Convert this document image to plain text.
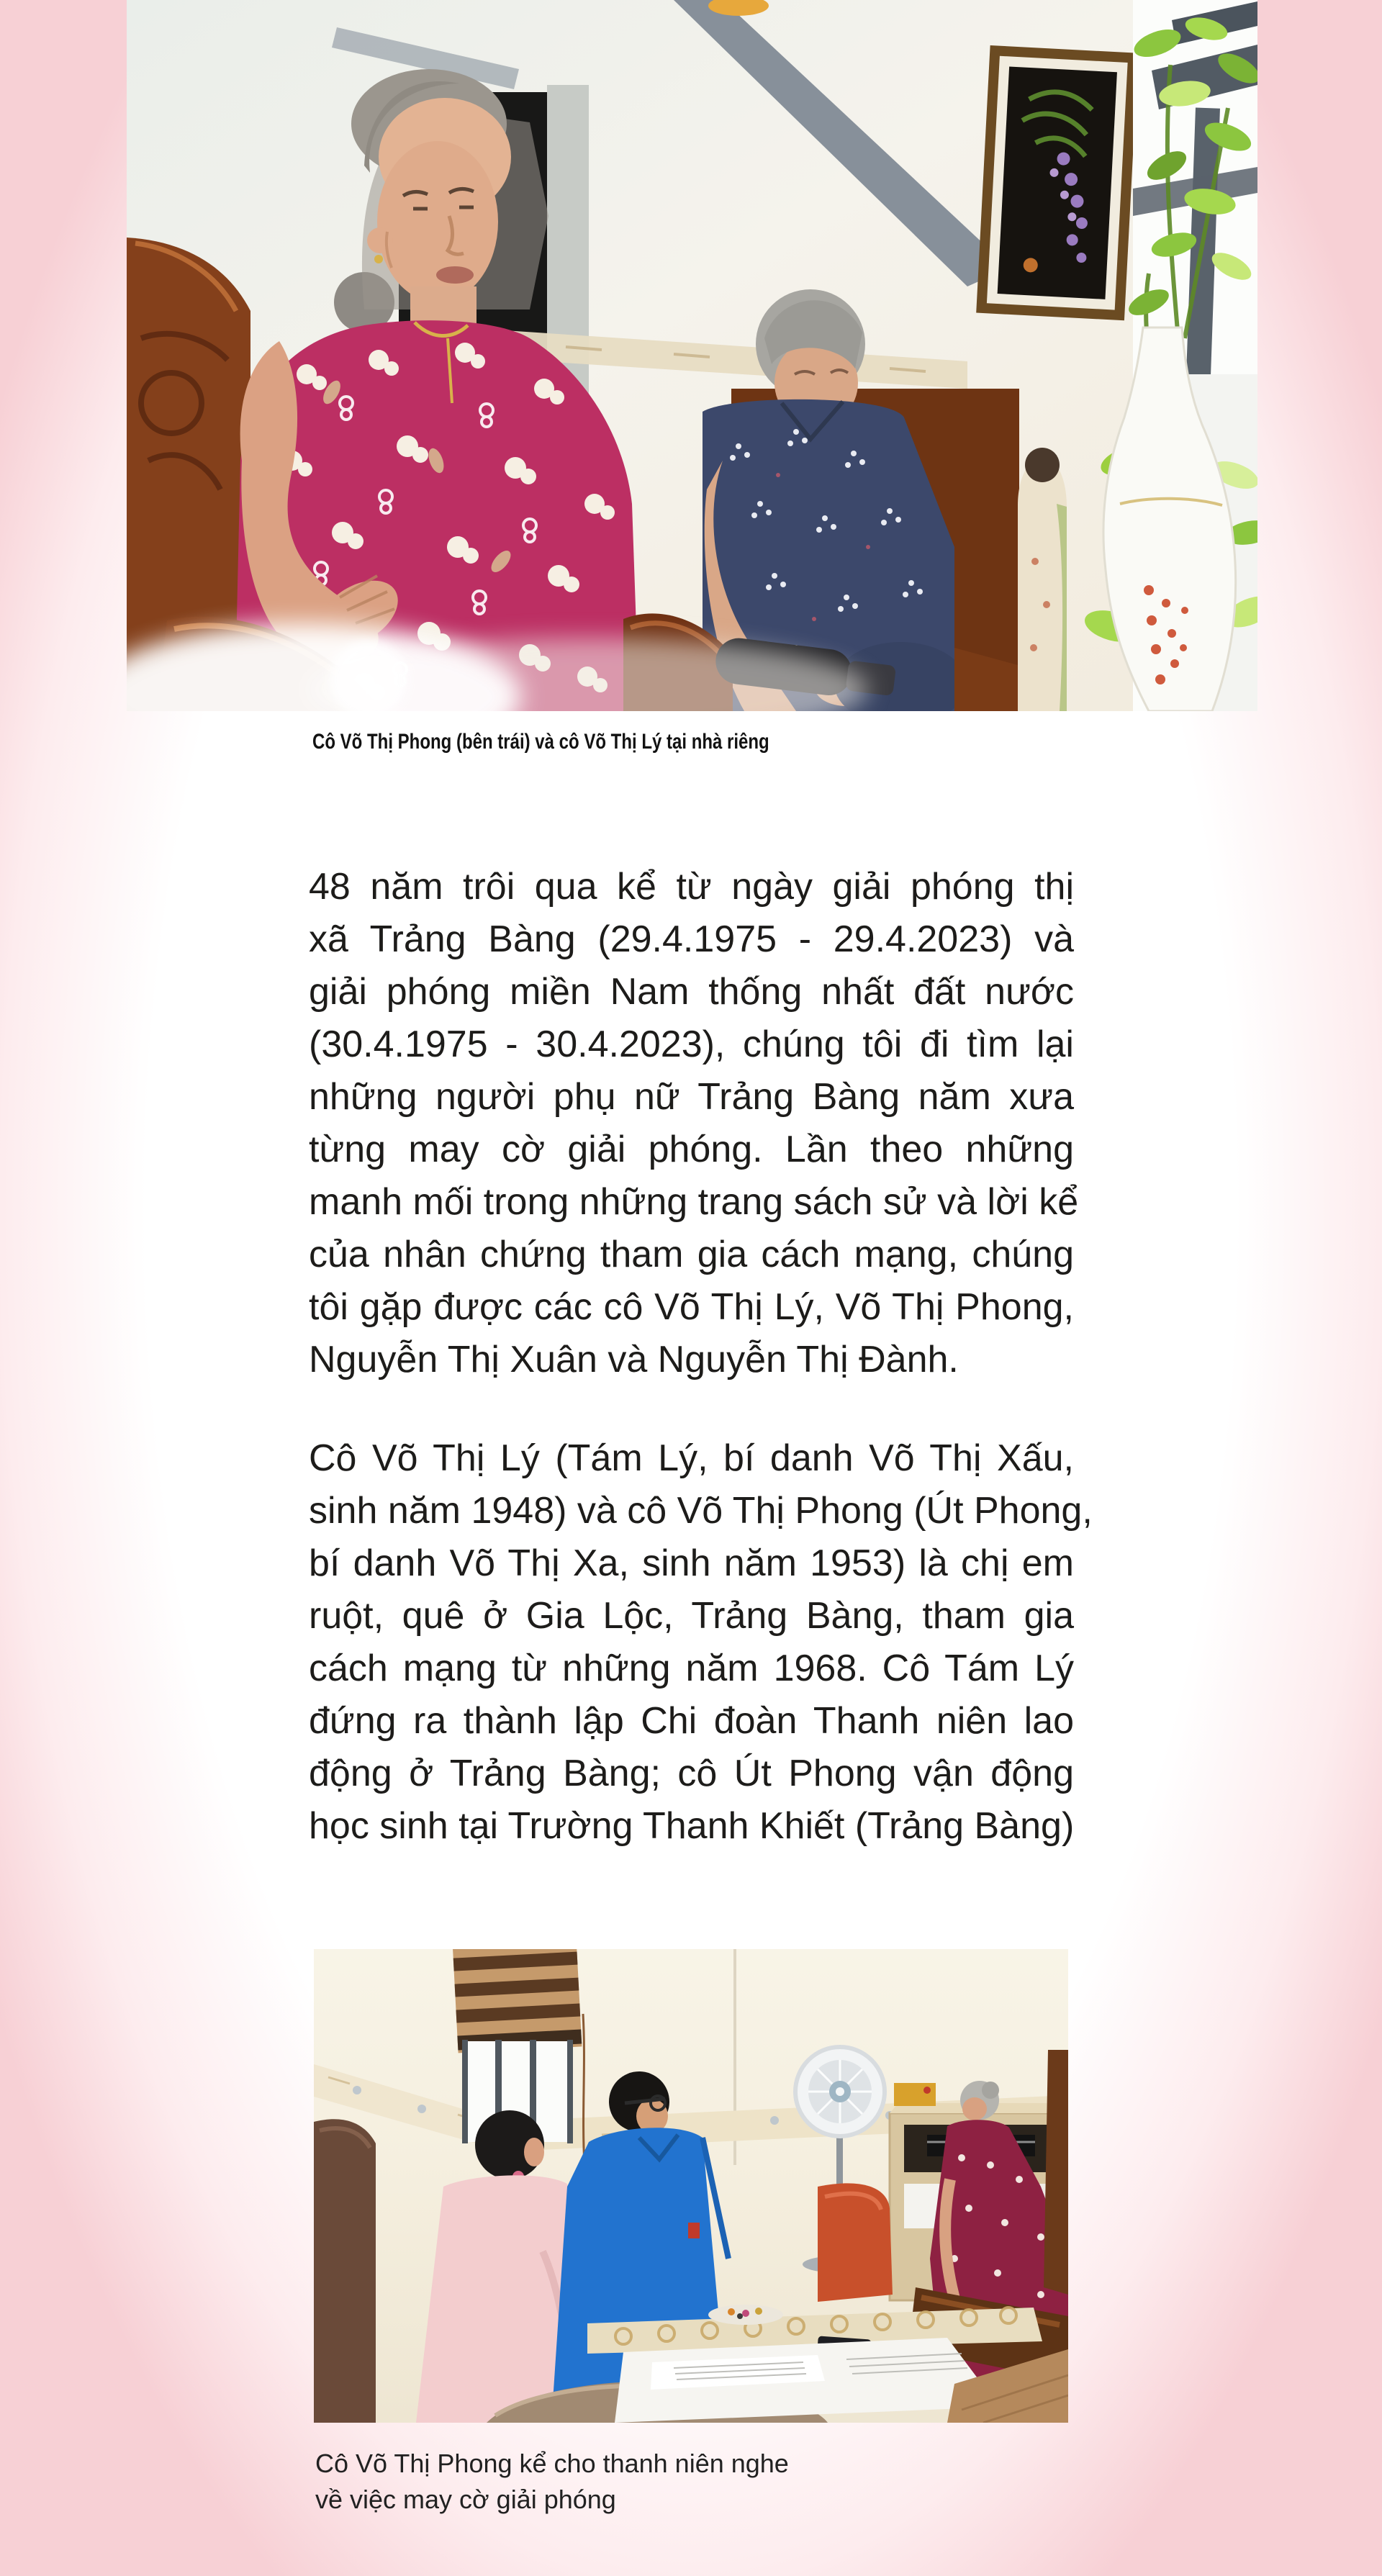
Cô Võ Thị Phong (bên trái) và cô Võ Thị Lý tại nhà riêng
48 năm trôi qua kể từ ngày giải phóng thị
xã Trảng Bàng (29.4.1975 - 29.4.2023) và
giải phóng miền Nam thống nhất đất nước
(30.4.1975 - 30.4.2023), chúng tôi đi tìm lại
những người phụ nữ Trảng Bàng năm xưa
từng may cờ giải phóng. Lần theo những
manh mối trong những trang sách sử và lời kể
của nhân chứng tham gia cách mạng, chúng
tôi gặp được các cô Võ Thị Lý, Võ Thị Phong,
Nguyễn Thị Xuân và Nguyễn Thị Đành.
Cô Võ Thị Lý (Tám Lý, bí danh Võ Thị Xấu,
sinh năm 1948) và cô Võ Thị Phong (Út Phong,
bí danh Võ Thị Xa, sinh năm 1953) là chị em
ruột, quê ở Gia Lộc, Trảng Bàng, tham gia
cách mạng từ những năm 1968. Cô Tám Lý
đứng ra thành lập Chi đoàn Thanh niên lao
động ở Trảng Bàng; cô Út Phong vận động
học sinh tại Trường Thanh Khiết (Trảng Bàng)
Cô Võ Thị Phong kể cho thanh niên nghe
về việc may cờ giải phóng
